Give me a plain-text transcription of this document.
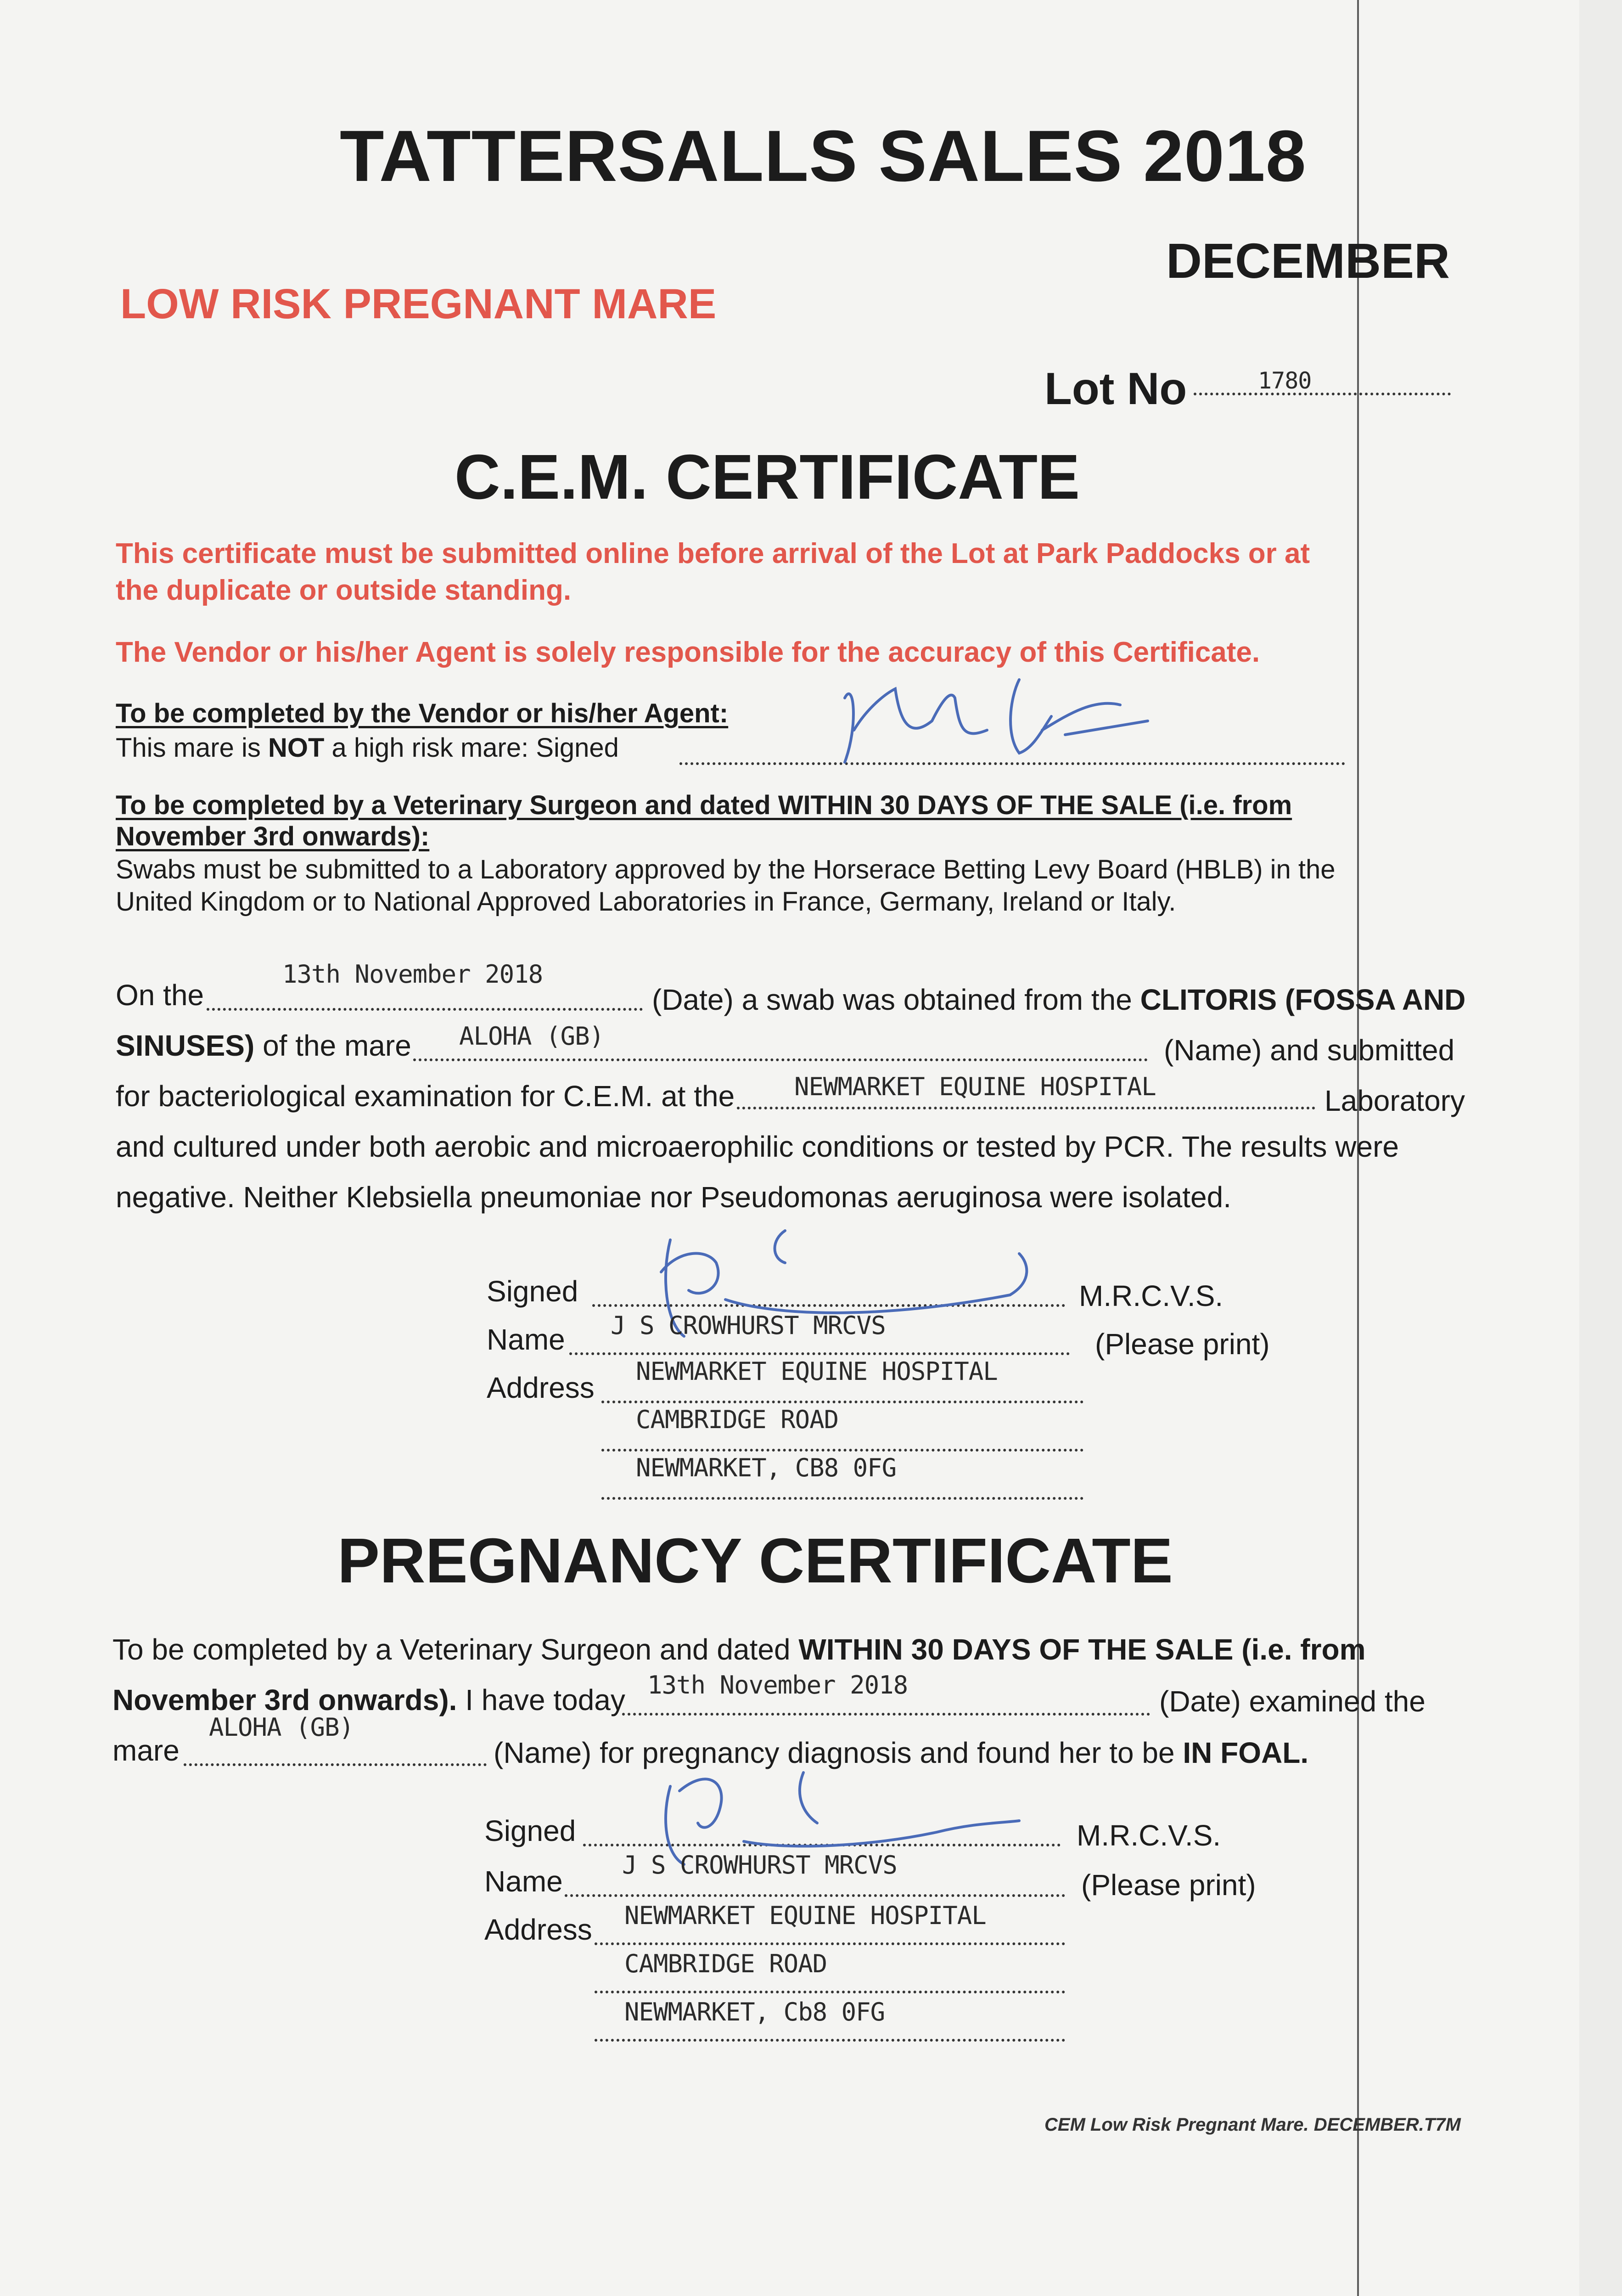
TATTERSALLS SALES 2018
DECEMBER
LOW RISK PREGNANT MARE
Lot No	1780
C.E.M. CERTIFICATE
This certificate must be submitted online before arrival of the Lot at Park Paddocks or at
the duplicate or outside standing.
The Vendor or his/her Agent is solely responsible for the accuracy of this Certificate.
To be completed by the Vendor or his/her Agent:
This mare is NOT a high risk mare: Signed
To be completed by a Veterinary Surgeon and dated WITHIN 30 DAYS OF THE SALE (i.e. from
November 3rd onwards):
Swabs must be submitted to a Laboratory approved by the Horserace Betting Levy Board (HBLB) in the
United Kingdom or to National Approved Laboratories in France, Germany, Ireland or Italy.
On the
13th November 2018
(Date) a swab was obtained from the CLITORIS (FOSSA AND
SINUSES) of the mare ALOHA (GB)	(Name) and submitted
for bacteriological examination for C.E.M. at the NEWMARKET EQUINE HOSPITAL	Laboratory
and cultured under both aerobic and microaerophilic conditions or tested by PCR. The results were
negative. Neither Klebsiella pneumoniae nor Pseudomonas aeruginosa were isolated.
Signed	M.R.C.V.S.
Name J S CROWHURST MRCVS
(Please print)
Address NEWMARKET EQUINE HOSPITAL
CAMBRIDGE ROAD
NEWMARKET, CB8 0FG
PREGNANCY CERTIFICATE
To be completed by a Veterinary Surgeon and dated WITHIN 30 DAYS OF THE SALE (i.e. from
November 3rd onwards). I have today 13th November 2018	(Date) examined the
mare
ALOHA (GB)
(Name) for pregnancy diagnosis and found her to be IN FOAL.
Signed	M.R.C.V.S.
Name J S CROWHURST MRCVS
(Please print)
Address NEWMARKET EQUINE HOSPITAL
CAMBRIDGE ROAD
NEWMARKET, Cb8 0FG
CEM Low Risk Pregnant Mare. DECEMBER.T7M
